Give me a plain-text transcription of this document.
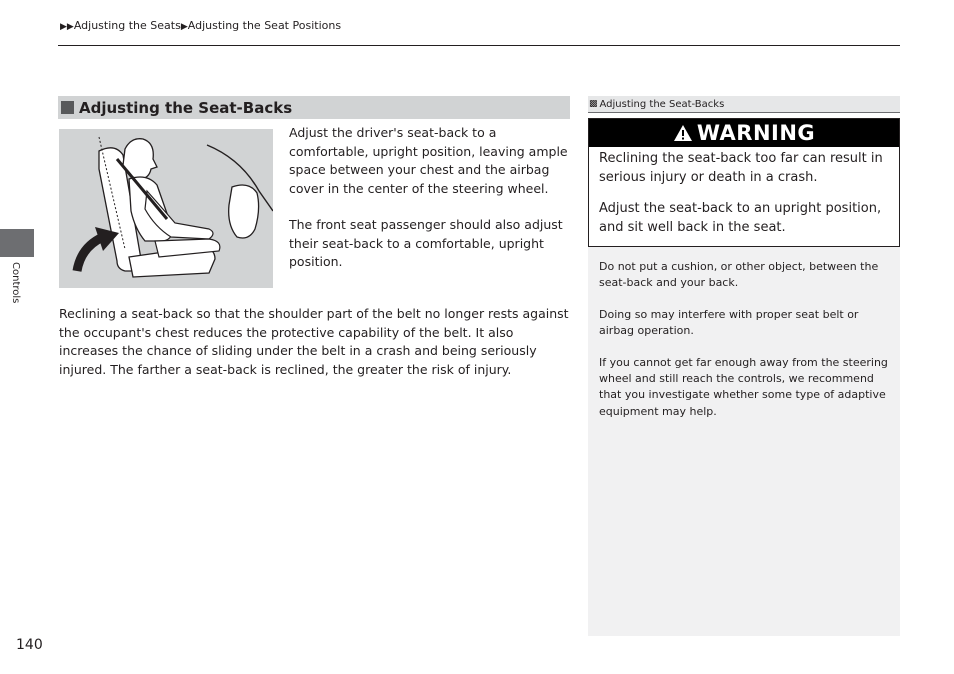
▶▶Adjusting the Seats▶Adjusting the Seat Positions
Controls
Adjusting the Seat-Backs
Adjust the driver's seat-back to a comfortable, upright position, leaving ample space between your chest and the airbag cover in the center of the steering wheel.
The front seat passenger should also adjust their seat-back to a comfortable, upright position.
Reclining a seat-back so that the shoulder part of the belt no longer rests against the occupant's chest reduces the protective capability of the belt. It also increases the chance of sliding under the belt in a crash and being seriously injured. The farther a seat-back is reclined, the greater the risk of injury.
▩ Adjusting the Seat-Backs
WARNING
Reclining the seat-back too far can result in serious injury or death in a crash.
Adjust the seat-back to an upright position, and sit well back in the seat.
Do not put a cushion, or other object, between the seat-back and your back.
Doing so may interfere with proper seat belt or airbag operation.
If you cannot get far enough away from the steering wheel and still reach the controls, we recommend that you investigate whether some type of adaptive equipment may help.
140
